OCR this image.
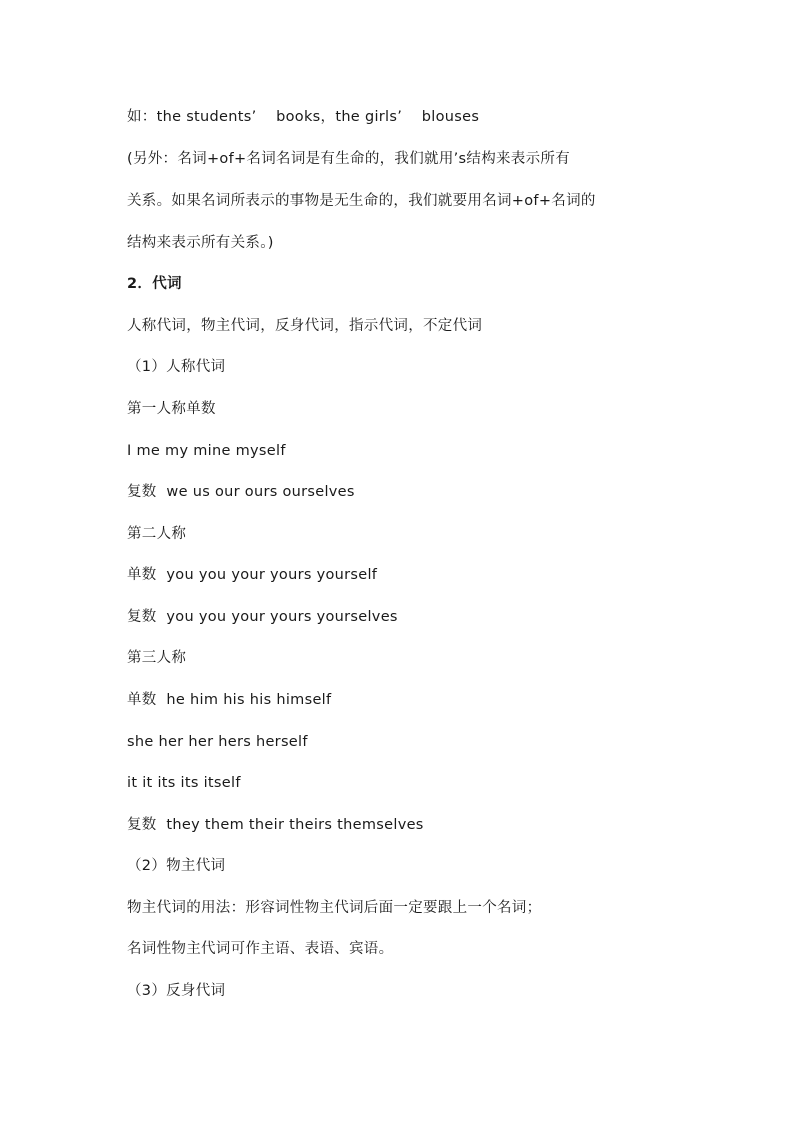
如：the students’    books，the girls’    blouses
(另外：名词+of+名词名词是有生命的，我们就用’s结构来表示所有
关系。如果名词所表示的事物是无生命的，我们就要用名词+of+名词的
结构来表示所有关系。)
2．代词
人称代词，物主代词，反身代词，指示代词，不定代词
（1）人称代词
第一人称单数
I me my mine myself
复数  we us our ours ourselves
第二人称
单数  you you your yours yourself
复数  you you your yours yourselves
第三人称
单数  he him his his himself
she her her hers herself
it it its its itself
复数  they them their theirs themselves
（2）物主代词
物主代词的用法：形容词性物主代词后面一定要跟上一个名词；
名词性物主代词可作主语、表语、宾语。
（3）反身代词
